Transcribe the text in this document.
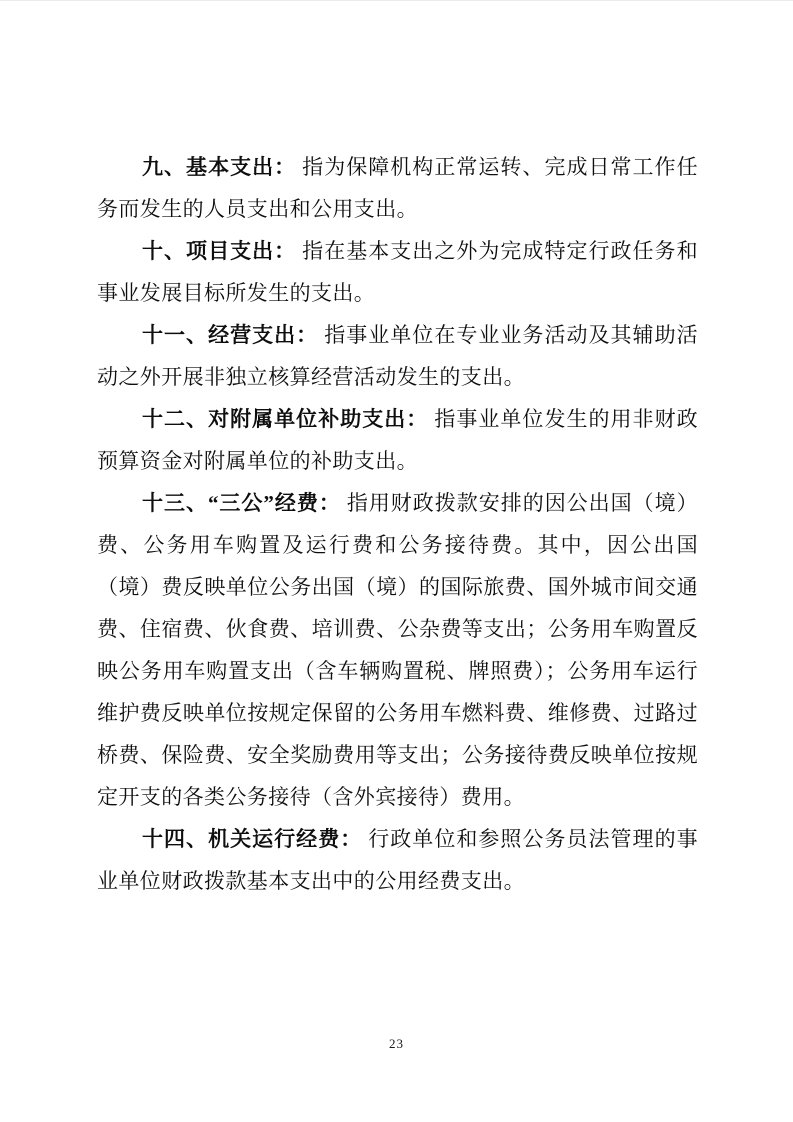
九、基本支出： 指为保障机构正常运转、完成日常工作任务而发生的人员支出和公用支出。

十、项目支出： 指在基本支出之外为完成特定行政任务和事业发展目标所发生的支出。

十一、经营支出： 指事业单位在专业业务活动及其辅助活动之外开展非独立核算经营活动发生的支出。

十二、对附属单位补助支出： 指事业单位发生的用非财政预算资金对附属单位的补助支出。

十三、“三公”经费： 指用财政拨款安排的因公出国（境）费、公务用车购置及运行费和公务接待费。其中，因公出国（境）费反映单位公务出国（境）的国际旅费、国外城市间交通费、住宿费、伙食费、培训费、公杂费等支出；公务用车购置反映公务用车购置支出（含车辆购置税、牌照费）；公务用车运行维护费反映单位按规定保留的公务用车燃料费、维修费、过路过桥费、保险费、安全奖励费用等支出；公务接待费反映单位按规定开支的各类公务接待（含外宾接待）费用。

十四、机关运行经费： 行政单位和参照公务员法管理的事业单位财政拨款基本支出中的公用经费支出。

23
